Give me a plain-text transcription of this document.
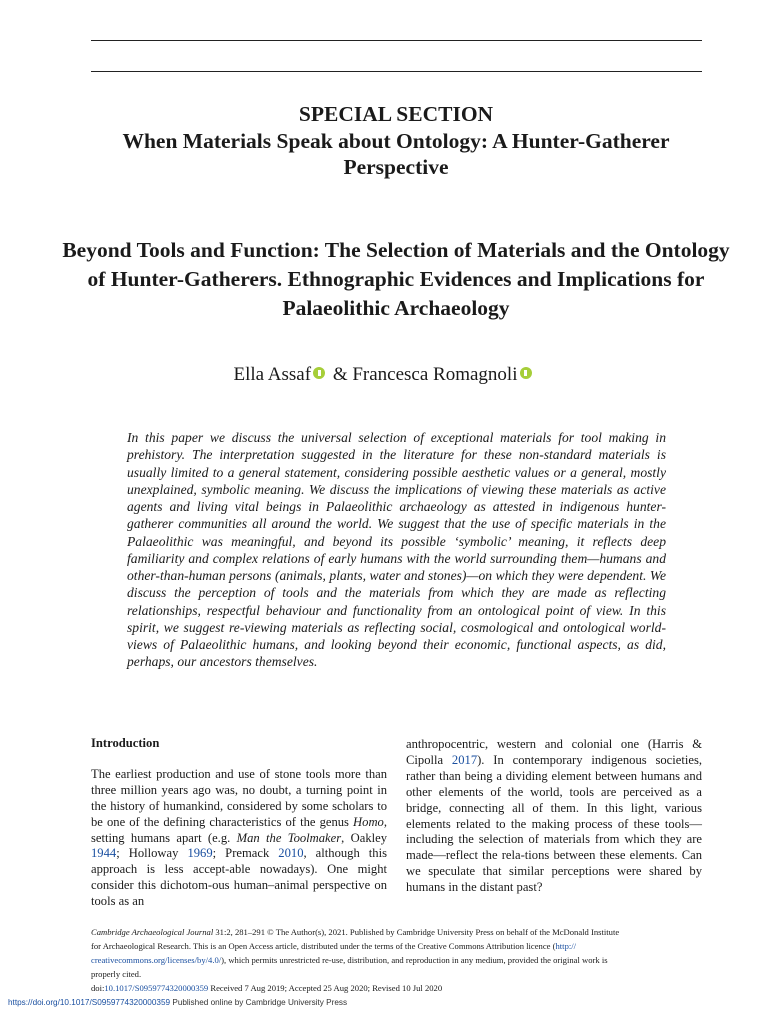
SPECIAL SECTION
When Materials Speak about Ontology: A Hunter-Gatherer Perspective
Beyond Tools and Function: The Selection of Materials and the Ontology of Hunter-Gatherers. Ethnographic Evidences and Implications for Palaeolithic Archaeology
Ella Assaf & Francesca Romagnoli
In this paper we discuss the universal selection of exceptional materials for tool making in prehistory. The interpretation suggested in the literature for these non-standard materials is usually limited to a general statement, considering possible aesthetic values or a general, mostly unexplained, symbolic meaning. We discuss the implications of viewing these materials as active agents and living vital beings in Palaeolithic archaeology as attested in indigenous hunter-gatherer communities all around the world. We suggest that the use of specific materials in the Palaeolithic was meaningful, and beyond its possible ‘symbolic’ meaning, it reflects deep familiarity and complex relations of early humans with the world surrounding them—humans and other-than-human persons (animals, plants, water and stones)—on which they were dependent. We discuss the perception of tools and the materials from which they are made as reflecting relationships, respectful behaviour and functionality from an ontological point of view. In this spirit, we suggest re-viewing materials as reflecting social, cosmological and ontological world-views of Palaeolithic humans, and looking beyond their economic, functional aspects, as did, perhaps, our ancestors themselves.
Introduction

The earliest production and use of stone tools more than three million years ago was, no doubt, a turning point in the history of humankind, considered by some scholars to be one of the defining characteristics of the genus Homo, setting humans apart (e.g. Man the Toolmaker, Oakley 1944; Holloway 1969; Premack 2010, although this approach is less accept-able nowadays). One might consider this dichotom-ous human–animal perspective on tools as an

anthropocentric, western and colonial one (Harris & Cipolla 2017). In contemporary indigenous societies, rather than being a dividing element between humans and other elements of the world, tools are perceived as a bridge, connecting all of them. In this light, various elements related to the making process of these tools—including the selection of materials from which they are made—reflect the rela-tions between these elements. Can we speculate that similar perceptions were shared by humans in the distant past?

Cambridge Archaeological Journal 31:2, 281–291 © The Author(s), 2021. Published by Cambridge University Press on behalf of the McDonald Institute
for Archaeological Research. This is an Open Access article, distributed under the terms of the Creative Commons Attribution licence (http://
creativecommons.org/licenses/by/4.0/), which permits unrestricted re-use, distribution, and reproduction in any medium, provided the original work is
properly cited.
doi:10.1017/S0959774320000359 Received 7 Aug 2019; Accepted 25 Aug 2020; Revised 10 Jul 2020
https://doi.org/10.1017/S0959774320000359 Published online by Cambridge University Press
